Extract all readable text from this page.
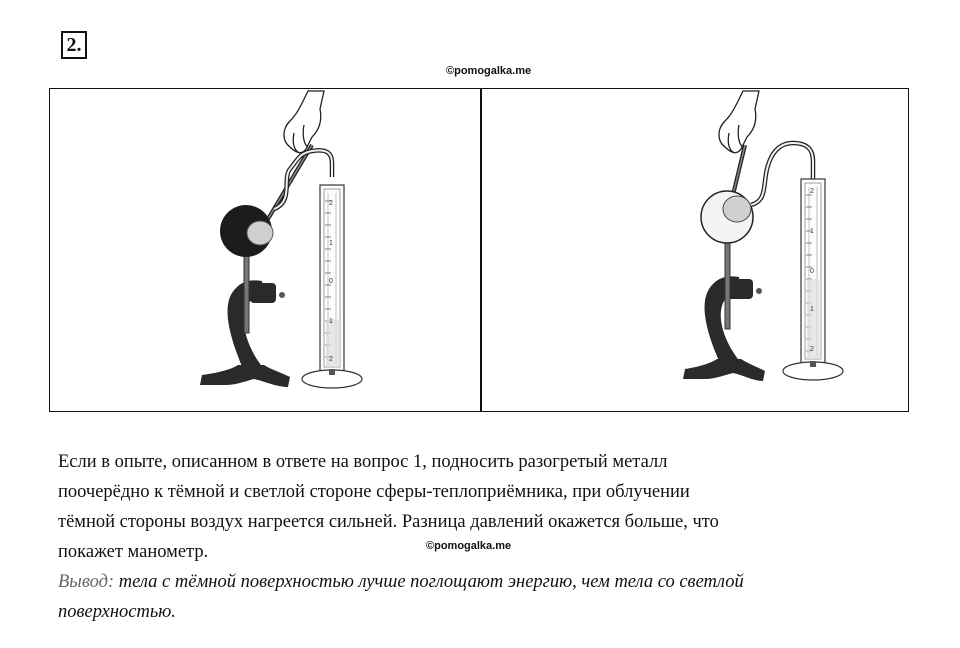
2.
©pomogalka.me
2
1
0
1
2
2
1
0
1
2

Если в опыте, описанном в ответе на вопрос 1, подносить разогретый металл

поочерёдно к тёмной и светлой стороне сферы-теплоприёмника, при облучении

тёмной стороны воздух нагреется сильней. Разница давлений окажется больше, что

покажет манометр.

Вывод: тела с тёмной поверхностью лучше поглощают энергию, чем тела со светлой

поверхностью.

©pomogalka.me
